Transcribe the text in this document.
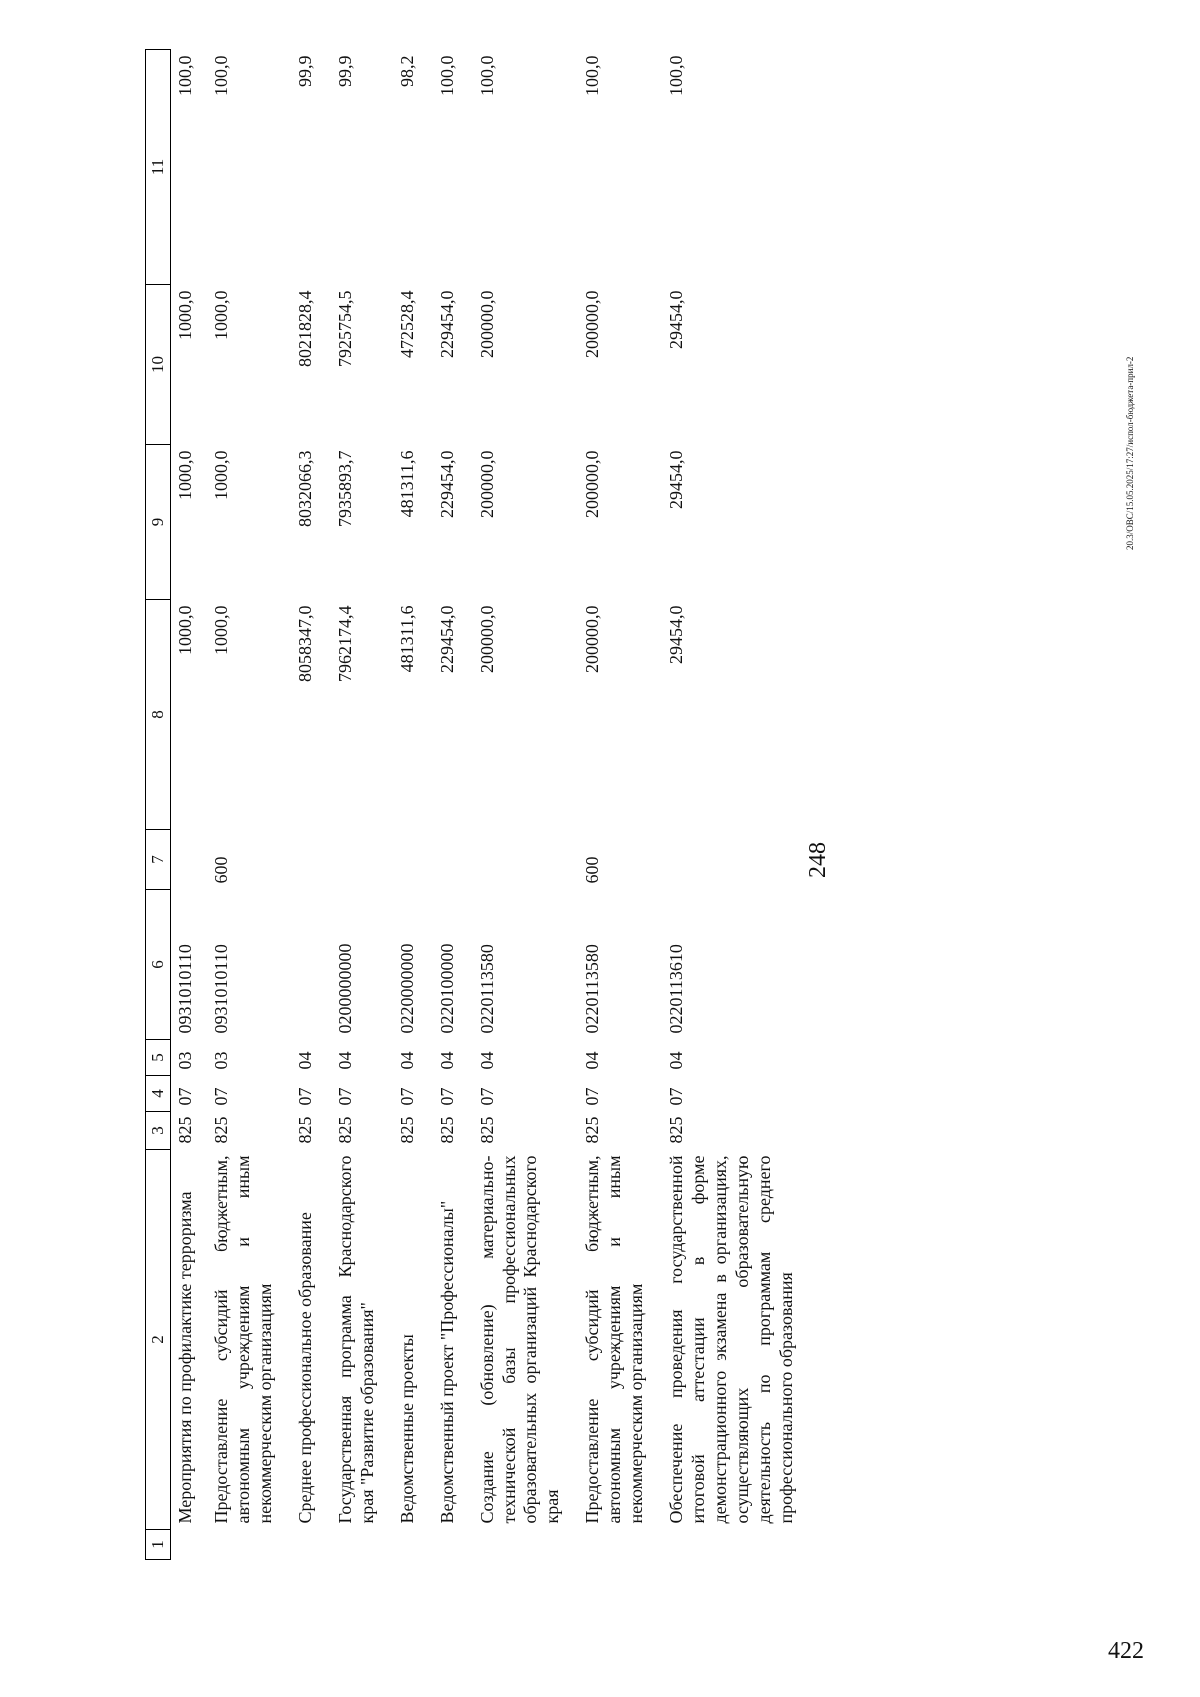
248
1	2	3	4	5	6	7	8	9	10	11
	Мероприятия по профилактике терроризма	825	07	03	0931010110		1000,0	1000,0	1000,0	100,0
	Предоставление субсидий бюджетным, автономным учреждениям и иным некоммерческим организациям	825	07	03	0931010110	600	1000,0	1000,0	1000,0	100,0
	Среднее профессиональное образование	825	07	04			8058347,0	8032066,3	8021828,4	99,9
	Государственная программа Краснодарского края "Развитие образования"	825	07	04	0200000000		7962174,4	7935893,7	7925754,5	99,9
	Ведомственные проекты	825	07	04	0220000000		481311,6	481311,6	472528,4	98,2
	Ведомственный проект "Профессионалы"	825	07	04	0220100000		229454,0	229454,0	229454,0	100,0
	Создание (обновление) материально-технической базы профессиональных образовательных организаций Краснодарского края	825	07	04	0220113580		200000,0	200000,0	200000,0	100,0
	Предоставление субсидий бюджетным, автономным учреждениям и иным некоммерческим организациям	825	07	04	0220113580	600	200000,0	200000,0	200000,0	100,0
	Обеспечение проведения государственной итоговой аттестации в форме демонстрационного экзамена в организациях, осуществляющих образовательную деятельность по программам среднего профессионального образования	825	07	04	0220113610		29454,0	29454,0	29454,0	100,0
20.3/ОВС/15.05.2025/17:27/испол-бюджета-прил-2
422
